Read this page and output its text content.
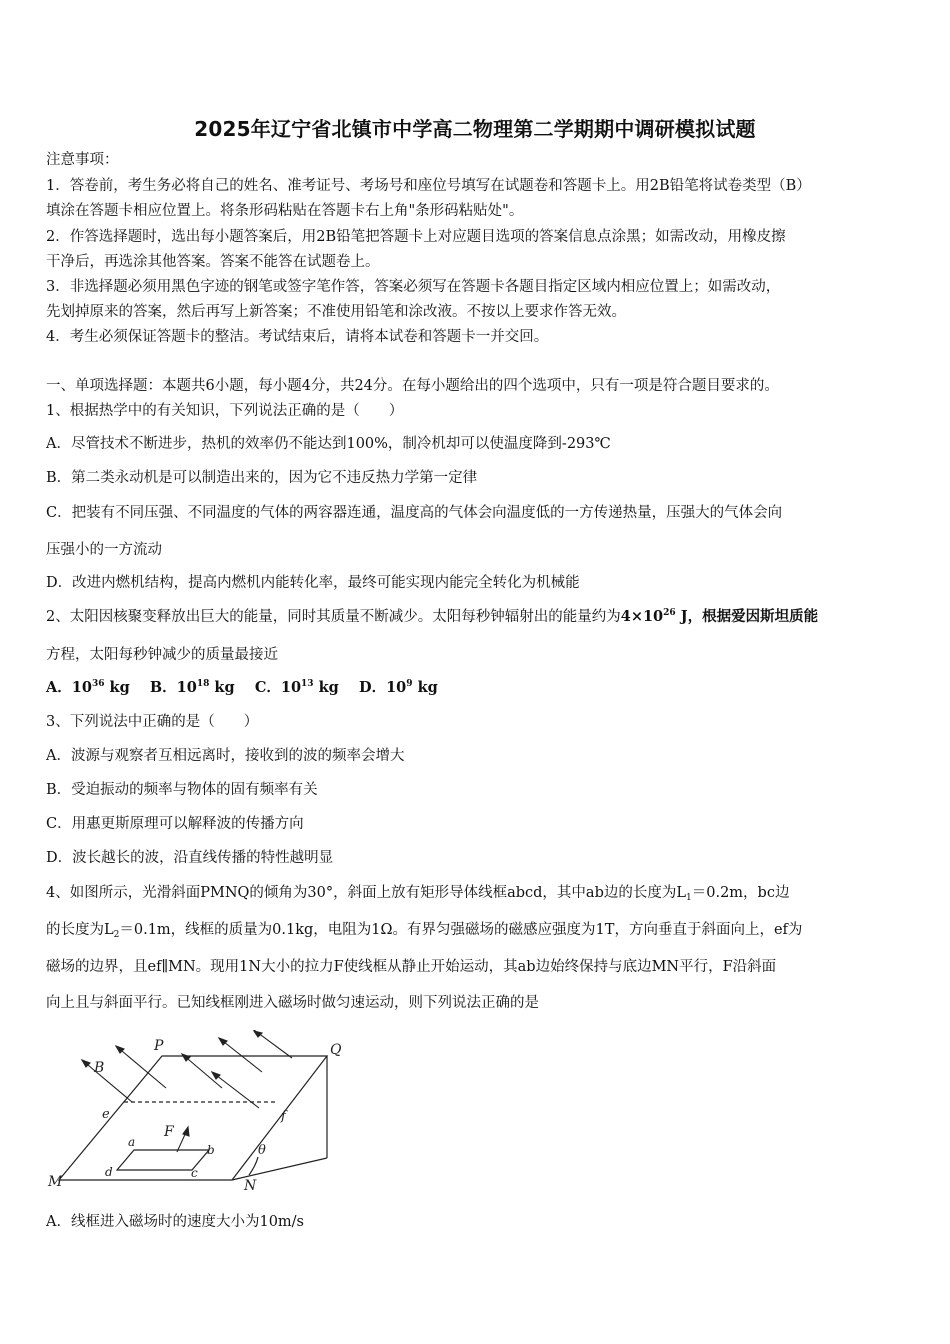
2025年辽宁省北镇市中学高二物理第二学期期中调研模拟试题
注意事项：
1．答卷前，考生务必将自己的姓名、准考证号、考场号和座位号填写在试题卷和答题卡上。用2B铅笔将试卷类型（B）
填涂在答题卡相应位置上。将条形码粘贴在答题卡右上角"条形码粘贴处"。
2．作答选择题时，选出每小题答案后，用2B铅笔把答题卡上对应题目选项的答案信息点涂黑；如需改动，用橡皮擦
干净后，再选涂其他答案。答案不能答在试题卷上。
3．非选择题必须用黑色字迹的钢笔或签字笔作答，答案必须写在答题卡各题目指定区域内相应位置上；如需改动，
先划掉原来的答案，然后再写上新答案；不准使用铅笔和涂改液。不按以上要求作答无效。
4．考生必须保证答题卡的整洁。考试结束后，请将本试卷和答题卡一并交回。
一、单项选择题：本题共6小题，每小题4分，共24分。在每小题给出的四个选项中，只有一项是符合题目要求的。
1、根据热学中的有关知识，下列说法正确的是（　　）
A．尽管技术不断进步，热机的效率仍不能达到100%，制冷机却可以使温度降到-293℃
B．第二类永动机是可以制造出来的，因为它不违反热力学第一定律
C．把装有不同压强、不同温度的气体的两容器连通，温度高的气体会向温度低的一方传递热量，压强大的气体会向
压强小的一方流动
D．改进内燃机结构，提高内燃机内能转化率，最终可能实现内能完全转化为机械能
2、太阳因核聚变释放出巨大的能量，同时其质量不断减少。太阳每秒钟辐射出的能量约为$4\times 10^{26}$ J，根据爱因斯坦质能
方程，太阳每秒钟减少的质量最接近
A．$10^{36}$ kg B．$10^{18}$ kg C．$10^{13}$ kg D．$10^9$ kg
3、下列说法中正确的是（　　）
A．波源与观察者互相远离时，接收到的波的频率会增大
B．受迫振动的频率与物体的固有频率有关
C．用惠更斯原理可以解释波的传播方向
D．波长越长的波，沿直线传播的特性越明显
4、如图所示，光滑斜面PMNQ的倾角为30°，斜面上放有矩形导体线框abcd，其中ab边的长度为$L_1=0.2m$，bc边
的长度为$L_2=0.1m$，线框的质量为0.1kg，电阻为1Ω。有界匀强磁场的磁感应强度为1T，方向垂直于斜面向上，ef为
磁场的边界，且ef∥MN。现用1N大小的拉力F使线框从静止开始运动，其ab边始终保持与底边MN平行，F沿斜面
向上且与斜面平行。已知线框刚进入磁场时做匀速运动，则下列说法正确的是
P	Q
B
e	f
F
a
b
c
d
M	N
θ
A．线框进入磁场时的速度大小为10m/s
